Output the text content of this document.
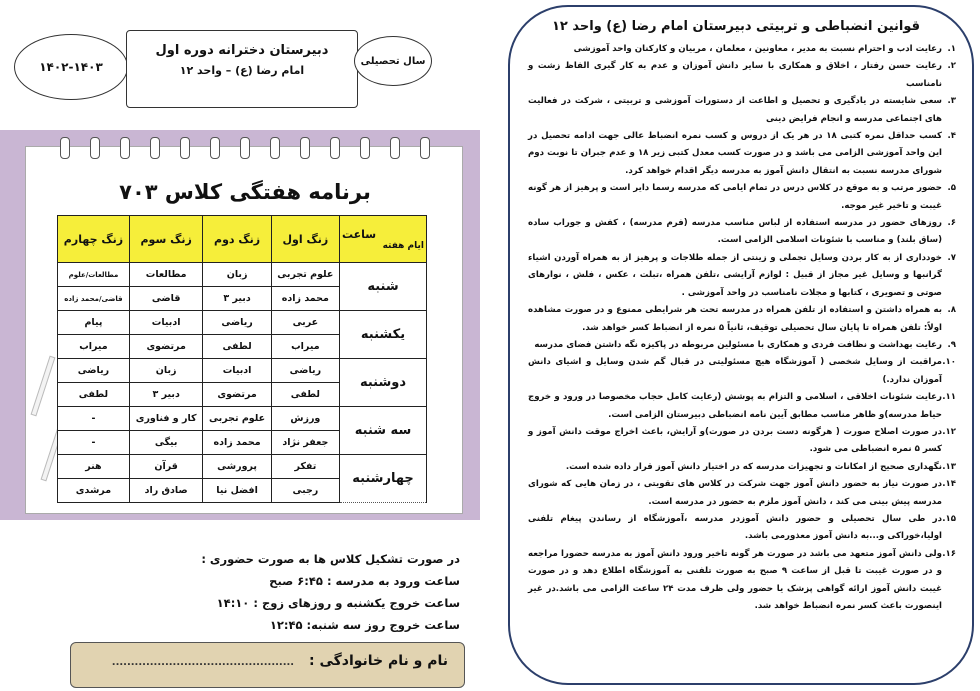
۱۴۰۲-۱۴۰۳
دبیرستان دخترانه دوره اول
امام رضا (ع) – واحد ۱۲
سال تحصیلی
برنامه هفتگی کلاس ۷۰۳
ساعت
ایام هفته	زنگ اول	زنگ دوم	زنگ سوم	زنگ چهارم
شنبه	علوم تجربی	زبان	مطالعات	مطالعات/علوم
	محمد زاده	دبیر ۳	قاضی	قاضی/محمد زاده
یکشنبه	عربی	ریاضی	ادبیات	پیام
	میراب	لطفی	مرتضوی	میراب
دوشنبه	ریاضی	ادبیات	زبان	ریاضی
	لطفی	مرتضوی	دبیر ۳	لطفی
سه شنبه	ورزش	علوم تجربی	کار و فناوری	-
	جعفر نژاد	محمد زاده	بیگی	-
چهارشنبه	تفکر	پرورشی	قرآن	هنر
	رجبی	افضل نیا	صادق راد	مرشدی
در صورت تشکیل کلاس ها به صورت حضوری :
ساعت ورود به مدرسه : ۶:۴۵ صبح
ساعت خروج یکشنبه و روزهای زوج : ۱۴:۱۰
ساعت خروج روز سه شنبه: ۱۲:۴۵
نام و نام خانوادگی : ................................................
قوانین انضباطی و تربیتی دبیرستان امام رضا (ع) واحد ۱۲
۱.
رعایت ادب و احترام نسبت به مدیر ، معاونین ، معلمان ، مربیان و کارکنان واحد آموزشی
۲.
رعایت حسن رفتار ، اخلاق و همکاری با سایر دانش آموزان و عدم به کار گیری الفاظ زشت و نامناسب
۳.
سعی شایسته در یادگیری و تحصیل و اطاعت از دستورات آموزشی و تربیتی ، شرکت در فعالیت های اجتماعی مدرسه و انجام فرایض دینی
۴.
کسب حداقل نمره کتبی ۱۸ در هر یک از دروس و کسب نمره انضباط عالی جهت ادامه تحصیل در این واحد آموزشی الزامی می باشد و در صورت کسب معدل کتبی زیر ۱۸ و عدم جبران تا نوبت دوم شورای مدرسه نسبت به انتقال دانش آموز به مدرسه دیگر اقدام خواهد کرد.
۵.
حضور مرتب و به موقع در کلاس درس در تمام ایامی که مدرسه رسما دایر است و پرهیز از هر گونه غیبت و تاخیر غیر موجه.
۶.
روزهای حضور در مدرسه استفاده از لباس مناسب مدرسه (فرم مدرسه) ، کفش و جوراب ساده (ساق بلند) و مناسب با شئونات اسلامی الزامی است.
۷.
خودداری از به کار بردن وسایل تجملی و زینتی از جمله طلاجات و پرهیز از به همراه آوردن اشیاء گرانبها و وسایل غیر مجاز از قبیل : لوازم آرایشی ،تلفن همراه ،تبلت ، عکس ، فلش ، نوارهای صوتی و تصویری ، کتابها و مجلات نامناسب در واحد آموزشی .
۸.
به همراه داشتن و استفاده از تلفن همراه در مدرسه تحت هر شرایطی ممنوع و در صورت مشاهده اولاً: تلفن همراه تا پایان سال تحصیلی توقیف، ثانیاً ۵ نمره از انضباط کسر خواهد شد.
۹.
رعایت بهداشت و نظافت فردی و همکاری با مسئولین مربوطه در پاکیزه نگه داشتن فضای مدرسه
۱۰.
مراقبت از وسایل شخصی ( آموزشگاه هیچ مسئولیتی در قبال گم شدن وسایل و اشیای دانش آموزان ندارد.)
۱۱.
رعایت شئونات اخلاقی ، اسلامی و التزام به پوشش (رعایت کامل حجاب مخصوصا در ورود و خروج حیاط مدرسه)و ظاهر مناسب مطابق آیین نامه انضباطی دبیرستان الزامی است.
۱۲.
در صورت اصلاح صورت ( هرگونه دست بردن در صورت)و آرایش، باعث اخراج موقت دانش آموز و کسر ۵ نمره انضباطی می شود.
۱۳.
نگهداری صحیح از امکانات و تجهیزات مدرسه که در اختیار دانش آموز قرار داده شده است.
۱۴.
در صورت نیاز به حضور دانش آموز جهت شرکت در کلاس های تقویتی ، در زمان هایی که شورای مدرسه پیش بینی می کند ، دانش آموز ملزم به حضور در مدرسه است.
۱۵.
در طی سال تحصیلی و حضور دانش آموزدر مدرسه ،آموزشگاه از رساندن پیغام تلفنی اولیا،خوراکی و...به دانش آموز معذورمی باشد.
۱۶.
ولی دانش آموز متعهد می باشد در صورت هر گونه تاخیر ورود دانش آموز به مدرسه حضورا مراجعه و در صورت غیبت تا قبل از ساعت ۹ صبح به صورت تلفنی به آموزشگاه اطلاع دهد و در صورت غیبت دانش آموز ارائه گواهی پزشک یا حضور ولی ظرف مدت ۲۴ ساعت الزامی می باشد.در غیر اینصورت باعث کسر نمره انضباط خواهد شد.
